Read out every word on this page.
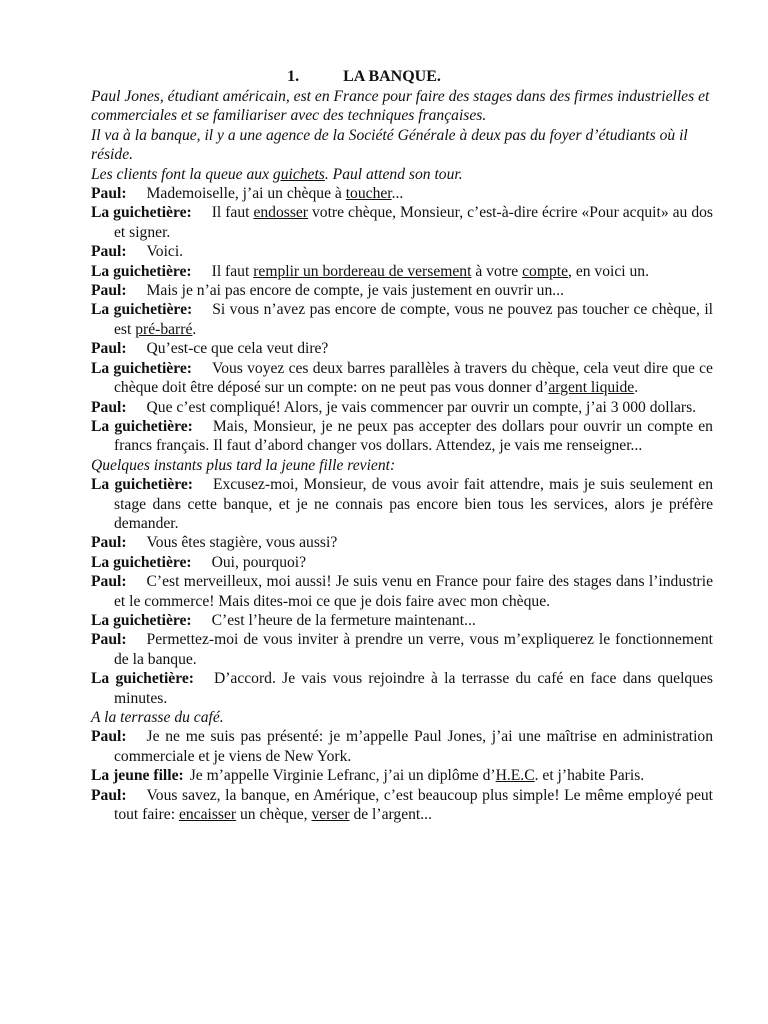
1.	LA BANQUE.
Paul Jones, étudiant américain, est en France pour faire des stages dans des firmes industrielles et commerciales et se familiariser avec des techniques françaises.
Il va à la banque, il y a une agence de la Société Générale à deux pas du foyer d’étudiants où il réside.
Les clients font la queue aux guichets. Paul attend son tour.
Paul: Mademoiselle, j’ai un chèque à toucher...
La guichetière: Il faut endosser votre chèque, Monsieur, c’est-à-dire écrire «Pour acquit» au dos et signer.
Paul: Voici.
La guichetière: Il faut remplir un bordereau de versement à votre compte, en voici un.
Paul: Mais je n’ai pas encore de compte, je vais justement en ouvrir un...
La guichetière: Si vous n’avez pas encore de compte, vous ne pouvez pas toucher ce chèque, il est pré-barré.
Paul: Qu’est-ce que cela veut dire?
La guichetière: Vous voyez ces deux barres parallèles à travers du chèque, cela veut dire que ce chèque doit être déposé sur un compte: on ne peut pas vous donner d’argent liquide.
Paul: Que c’est compliqué! Alors, je vais commencer par ouvrir un compte, j’ai 3 000 dollars.
La guichetière: Mais, Monsieur, je ne peux pas accepter des dollars pour ouvrir un compte en francs français. Il faut d’abord changer vos dollars. Attendez, je vais me renseigner...
Quelques instants plus tard la jeune fille revient:
La guichetière: Excusez-moi, Monsieur, de vous avoir fait attendre, mais je suis seulement en stage dans cette banque, et je ne connais pas encore bien tous les services, alors je préfère demander.
Paul: Vous êtes stagière, vous aussi?
La guichetière: Oui, pourquoi?
Paul: C’est merveilleux, moi aussi! Je suis venu en France pour faire des stages dans l’industrie et le commerce! Mais dites-moi ce que je dois faire avec mon chèque.
La guichetière: C’est l’heure de la fermeture maintenant...
Paul: Permettez-moi de vous inviter à prendre un verre, vous m’expliquerez le fonctionnement de la banque.
La guichetière: D’accord. Je vais vous rejoindre à la terrasse du café en face dans quelques minutes.
A la terrasse du café.
Paul: Je ne me suis pas présenté: je m’appelle Paul Jones, j’ai une maîtrise en administration commerciale et je viens de New York.
La jeune fille: Je m’appelle Virginie Lefranc, j’ai un diplôme d’H.E.C. et j’habite Paris.
Paul: Vous savez, la banque, en Amérique, c’est beaucoup plus simple! Le même employé peut tout faire: encaisser un chèque, verser de l’argent...
